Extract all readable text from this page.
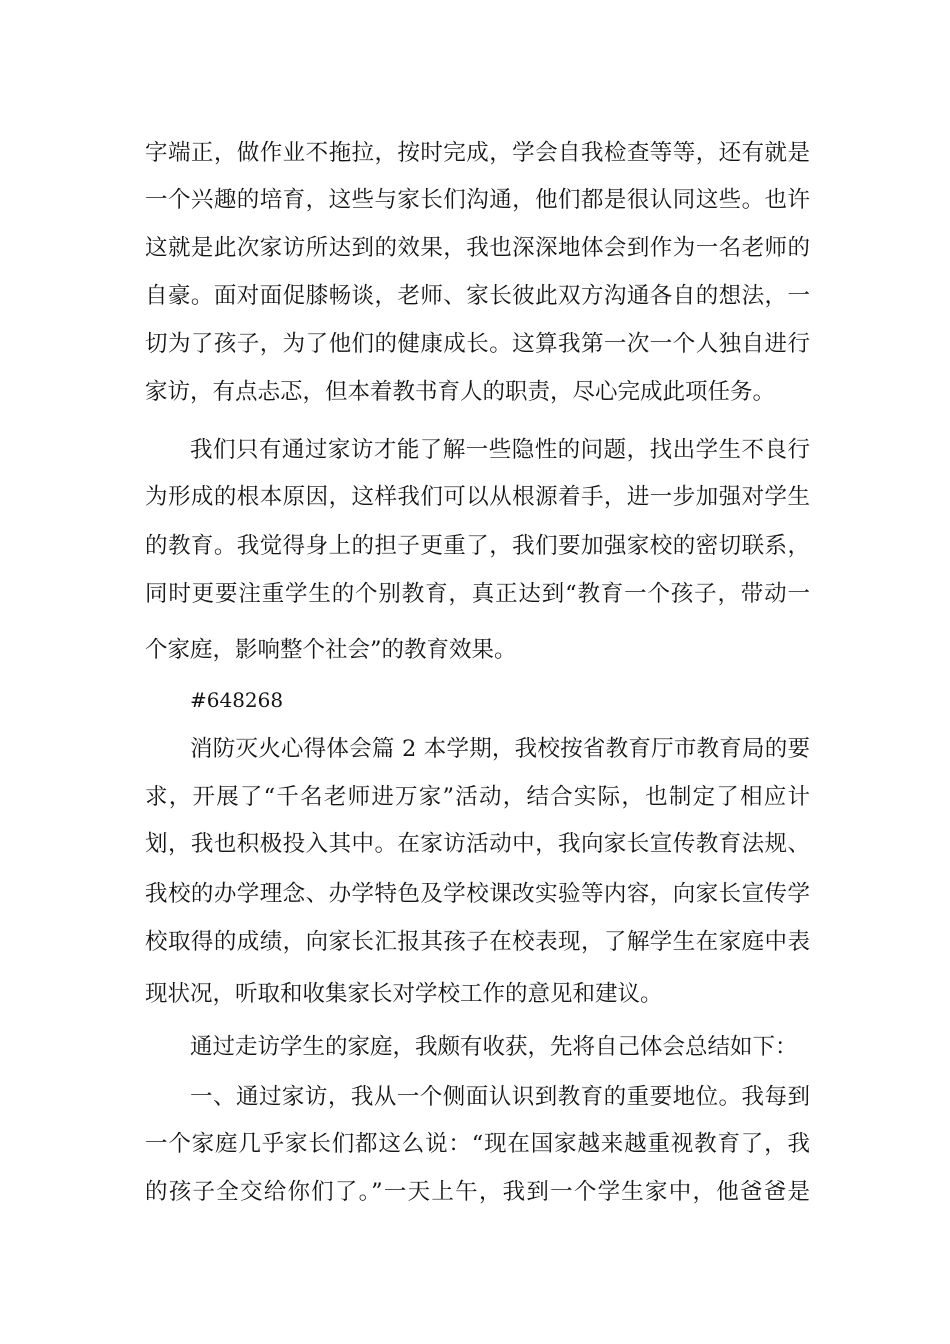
字端正，做作业不拖拉，按时完成，学会自我检查等等，还有就是
一个兴趣的培育，这些与家长们沟通，他们都是很认同这些。也许
这就是此次家访所达到的效果，我也深深地体会到作为一名老师的
自豪。面对面促膝畅谈，老师、家长彼此双方沟通各自的想法，一
切为了孩子，为了他们的健康成长。这算我第一次一个人独自进行
家访，有点忐忑，但本着教书育人的职责，尽心完成此项任务。
我们只有通过家访才能了解一些隐性的问题，找出学生不良行
为形成的根本原因，这样我们可以从根源着手，进一步加强对学生
的教育。我觉得身上的担子更重了，我们要加强家校的密切联系，
同时更要注重学生的个别教育，真正达到“教育一个孩子，带动一
个家庭，影响整个社会”的教育效果。
#648268
消防灭火心得体会篇 2 本学期，我校按省教育厅市教育局的要
求，开展了“千名老师进万家”活动，结合实际，也制定了相应计
划，我也积极投入其中。在家访活动中，我向家长宣传教育法规、
我校的办学理念、办学特色及学校课改实验等内容，向家长宣传学
校取得的成绩，向家长汇报其孩子在校表现，了解学生在家庭中表
现状况，听取和收集家长对学校工作的意见和建议。
通过走访学生的家庭，我颇有收获，先将自己体会总结如下：
一、通过家访，我从一个侧面认识到教育的重要地位。我每到
一个家庭几乎家长们都这么说：“现在国家越来越重视教育了，我
的孩子全交给你们了。”一天上午，我到一个学生家中，他爸爸是
